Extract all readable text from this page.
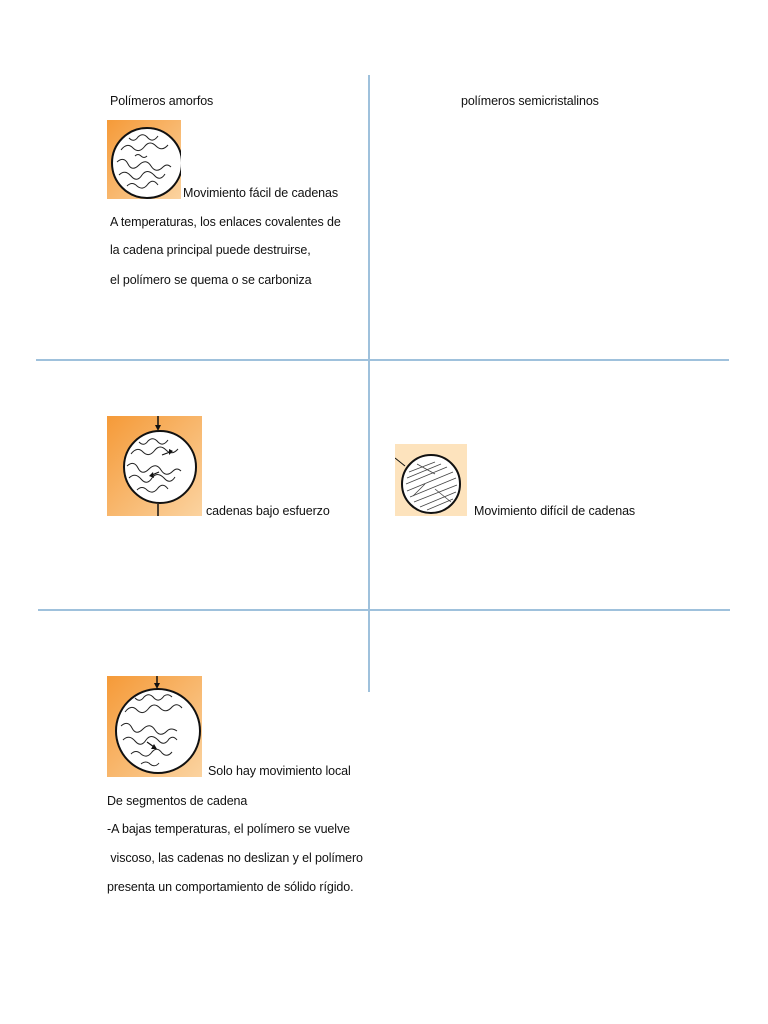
Polímeros amorfos	polímeros semicristalinos
Movimiento fácil de cadenas
A temperaturas, los enlaces covalentes de
la cadena principal puede destruirse,
el polímero se quema o se carboniza
cadenas bajo esfuerzo	Movimiento difícil de cadenas
Solo hay movimiento local
De segmentos de cadena
-A bajas temperaturas, el polímero se vuelve
viscoso, las cadenas no deslizan y el polímero
presenta un comportamiento de sólido rígido.
